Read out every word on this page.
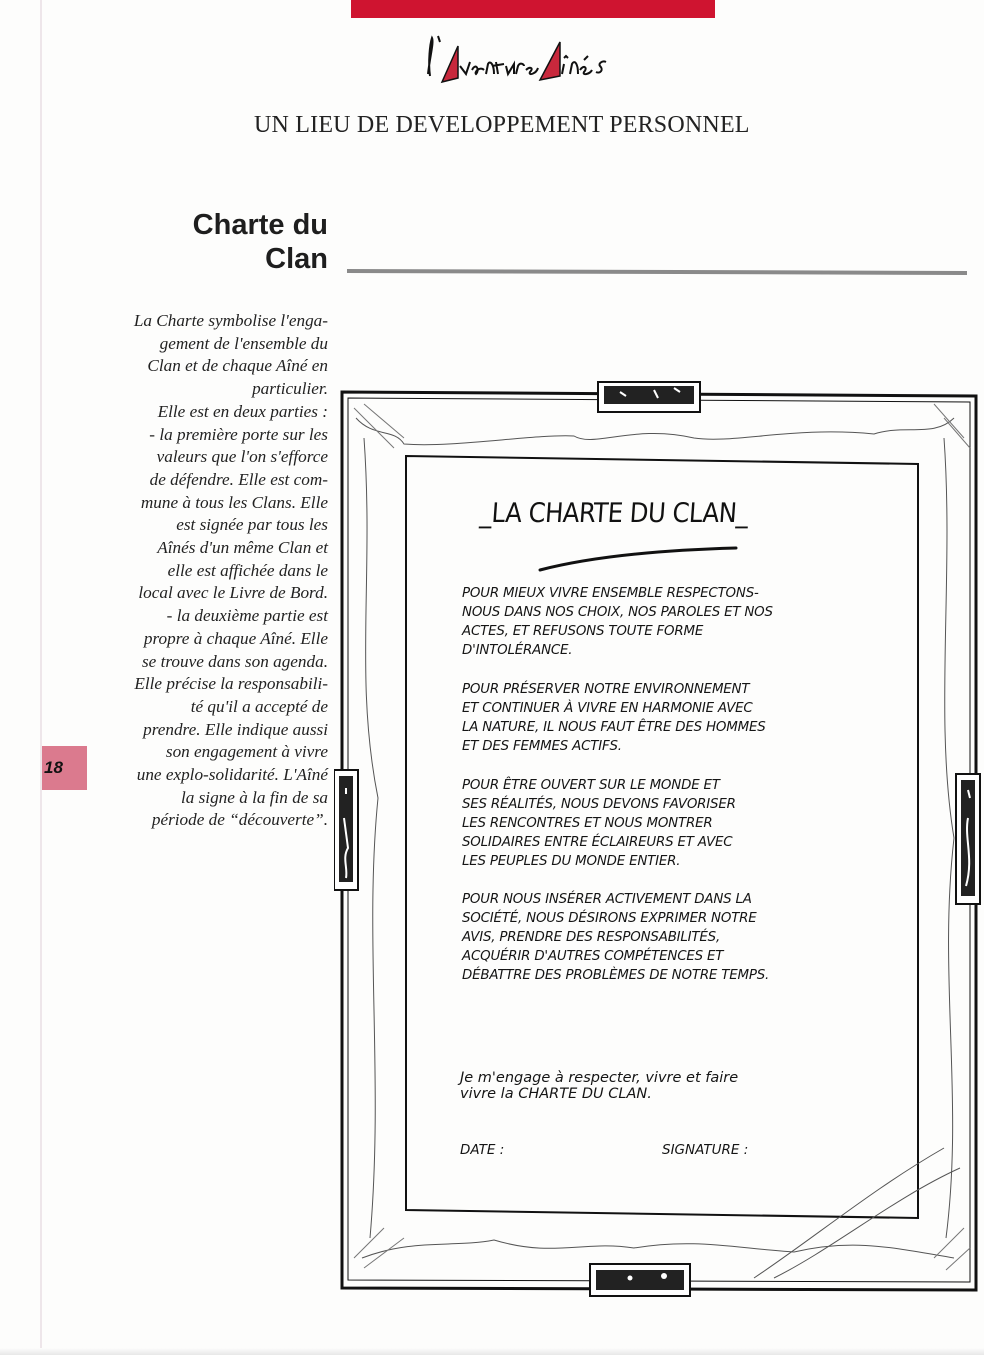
UN LIEU DE DEVELOPPEMENT PERSONNEL
Charte du
Clan
La Charte symbolise l'enga-
gement de l'ensemble du
Clan et de chaque Aîné en
particulier.
Elle est en deux parties :
- la première porte sur les
valeurs que l'on s'efforce
de défendre. Elle est com-
mune à tous les Clans. Elle
est signée par tous les
Aînés d'un même Clan et
elle est affichée dans le
local avec le Livre de Bord.
- la deuxième partie est
propre à chaque Aîné. Elle
se trouve dans son agenda.
Elle précise la responsabili-
té qu'il a accepté de
prendre. Elle indique aussi
son engagement à vivre
une explo-solidarité. L'Aîné
la signe à la fin de sa
période de “découverte”.
18
_LA CHARTE DU CLAN_
POUR MIEUX VIVRE ENSEMBLE RESPECTONS-
NOUS DANS NOS CHOIX, NOS PAROLES ET NOS
ACTES, ET REFUSONS TOUTE FORME
D'INTOLÉRANCE.
POUR PRÉSERVER NOTRE ENVIRONNEMENT
ET CONTINUER À VIVRE EN HARMONIE AVEC
LA NATURE, IL NOUS FAUT ÊTRE DES HOMMES
ET DES FEMMES ACTIFS.
POUR ÊTRE OUVERT SUR LE MONDE ET
SES RÉALITÉS, NOUS DEVONS FAVORISER
LES RENCONTRES ET NOUS MONTRER
SOLIDAIRES ENTRE ÉCLAIREURS ET AVEC
LES PEUPLES DU MONDE ENTIER.
POUR NOUS INSÉRER ACTIVEMENT DANS LA
SOCIÉTÉ, NOUS DÉSIRONS EXPRIMER NOTRE
AVIS, PRENDRE DES RESPONSABILITÉS,
ACQUÉRIR D'AUTRES COMPÉTENCES ET
DÉBATTRE DES PROBLÈMES DE NOTRE TEMPS.
Je m'engage à respecter, vivre et faire
vivre la CHARTE DU CLAN.
DATE :	SIGNATURE :
